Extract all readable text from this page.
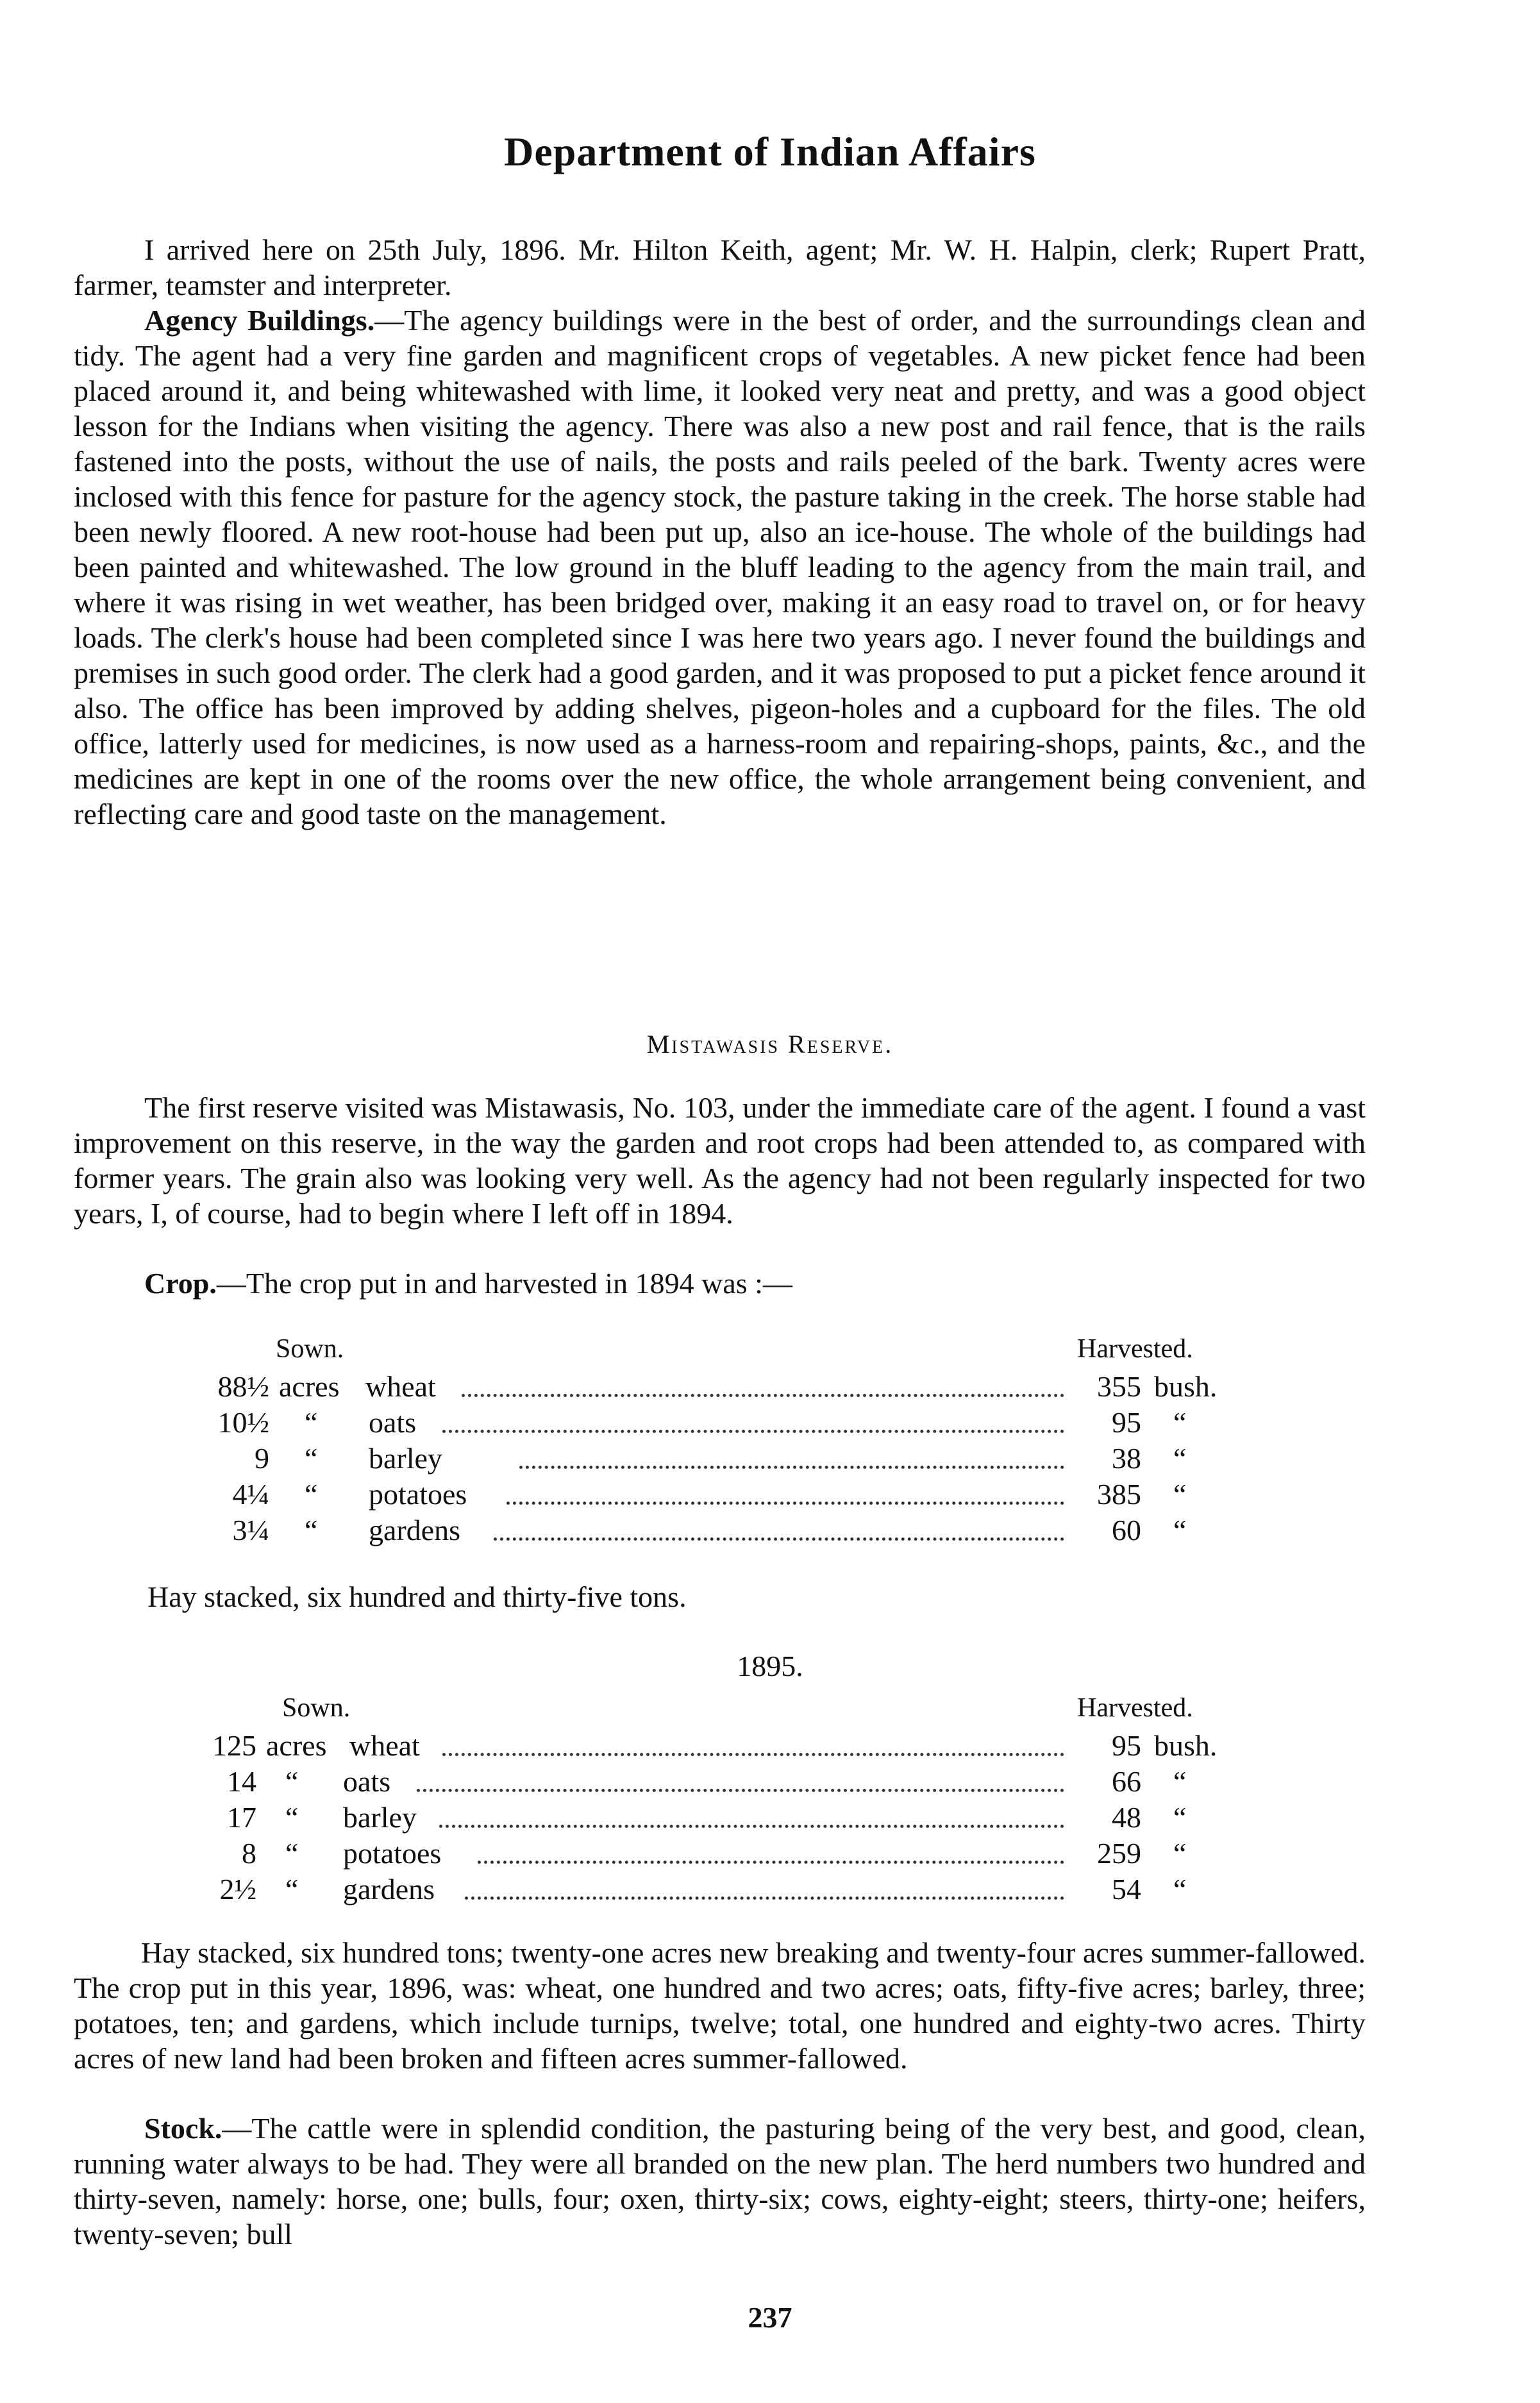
Department of Indian Affairs

I arrived here on 25th July, 1896. Mr. Hilton Keith, agent; Mr. W. H. Halpin, clerk; Rupert Pratt, farmer, teamster and interpreter.

Agency Buildings.—The agency buildings were in the best of order, and the surroundings clean and tidy. The agent had a very fine garden and magnificent crops of vegetables. A new picket fence had been placed around it, and being whitewashed with lime, it looked very neat and pretty, and was a good object lesson for the Indians when visiting the agency. There was also a new post and rail fence, that is the rails fastened into the posts, without the use of nails, the posts and rails peeled of the bark. Twenty acres were inclosed with this fence for pasture for the agency stock, the pasture taking in the creek. The horse stable had been newly floored. A new root-house had been put up, also an ice-house. The whole of the buildings had been painted and whitewashed. The low ground in the bluff leading to the agency from the main trail, and where it was rising in wet weather, has been bridged over, making it an easy road to travel on, or for heavy loads. The clerk's house had been completed since I was here two years ago. I never found the buildings and premises in such good order. The clerk had a good garden, and it was proposed to put a picket fence around it also. The office has been improved by adding shelves, pigeon-holes and a cupboard for the files. The old office, latterly used for medicines, is now used as a harness-room and repairing-shops, paints, &c., and the medicines are kept in one of the rooms over the new office, the whole arrangement being convenient, and reflecting care and good taste on the management.

Mistawasis Reserve.

The first reserve visited was Mistawasis, No. 103, under the immediate care of the agent. I found a vast improvement on this reserve, in the way the garden and root crops had been attended to, as compared with former years. The grain also was looking very well. As the agency had not been regularly inspected for two years, I, of course, had to begin where I left off in 1894.

Crop.—The crop put in and harvested in 1894 was :—

Sown.	Harvested.
88½ acres wheat	355 bush.
10½ “ oats	95 “
9 “ barley	38 “
4¼ “ potatoes	385 “
3¼ “ gardens	60 “
Hay stacked, six hundred and thirty-five tons.
1895.
Sown.	Harvested.
125 acres wheat	95 bush.
14 “ oats	66 “
17 “ barley	48 “
8 “ potatoes	259 “
2½ “ gardens	54 “

Hay stacked, six hundred tons; twenty-one acres new breaking and twenty-four acres summer-fallowed. The crop put in this year, 1896, was: wheat, one hundred and two acres; oats, fifty-five acres; barley, three; potatoes, ten; and gardens, which include turnips, twelve; total, one hundred and eighty-two acres. Thirty acres of new land had been broken and fifteen acres summer-fallowed.

Stock.—The cattle were in splendid condition, the pasturing being of the very best, and good, clean, running water always to be had. They were all branded on the new plan. The herd numbers two hundred and thirty-seven, namely: horse, one; bulls, four; oxen, thirty-six; cows, eighty-eight; steers, thirty-one; heifers, twenty-seven; bull

237
